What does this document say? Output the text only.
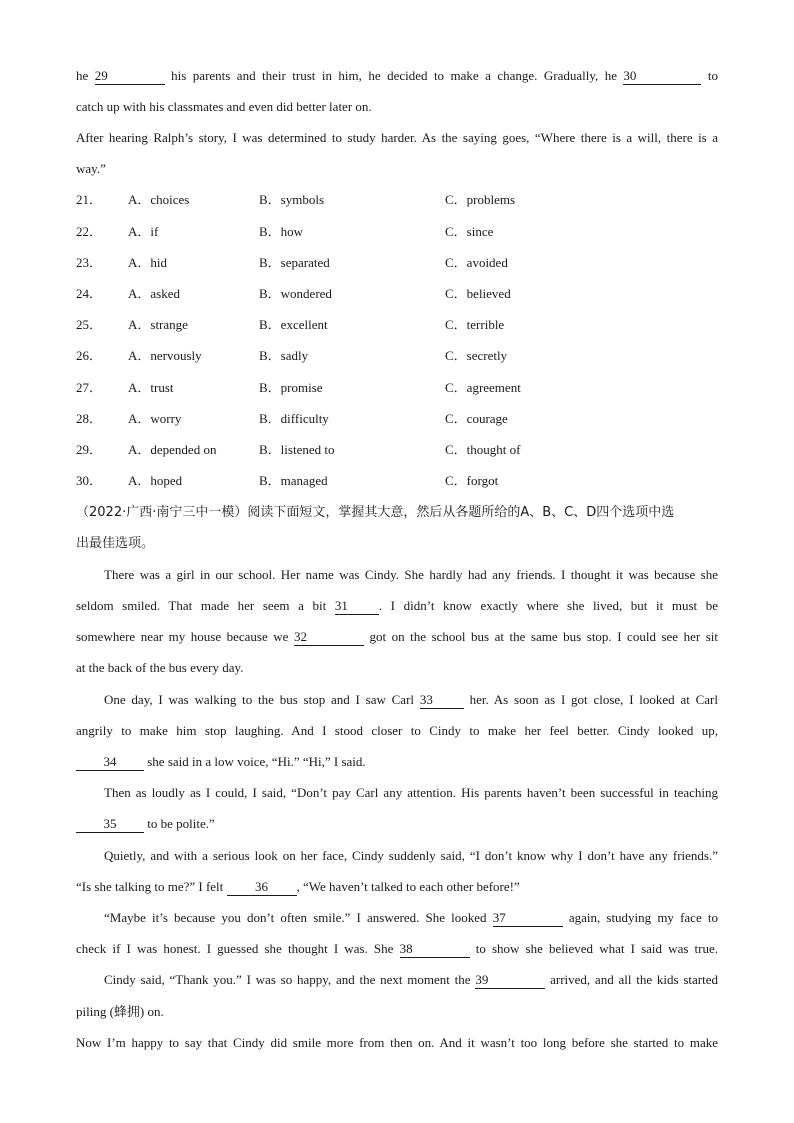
he 29	his parents and their trust in him, he decided to make a change. Gradually, he 30	to
catch up with his classmates and even did better later on.
After hearing Ralph’s story, I was determined to study harder. As the saying goes, “Where there is a will, there is a
way.”
21． A．choices	B．symbols	C．problems
22． A．if	B．how	C．since
23． A．hid	B．separated	C．avoided
24． A．asked	B．wondered	C．believed
25． A．strange	B．excellent	C．terrible
26． A．nervously	B．sadly	C．secretly
27． A．trust	B．promise	C．agreement
28． A．worry	B．difficulty	C．courage
29． A．depended on	B．listened to	C．thought of
30． A．hoped	B．managed	C．forgot
（2022·广西·南宁三中一模）阅读下面短文，掌握其大意，然后从各题所给的A、B、C、D四个选项中选
出最佳选项。
There was a girl in our school. Her name was Cindy. She hardly had any friends. I thought it was because she
seldom smiled. That made her seem a bit 31 . I didn’t know exactly where she lived, but it must be
somewhere near my house because we 32	got on the school bus at the same bus stop. I could see her sit
at the back of the bus every day.
One day, I was walking to the bus stop and I saw Carl 33 her. As soon as I got close, I looked at Carl
angrily to make him stop laughing. And I stood closer to Cindy to make her feel better. Cindy looked up,
34 she said in a low voice, “Hi.” “Hi,” I said.
Then as loudly as I could, I said, “Don’t pay Carl any attention. His parents haven’t been successful in teaching
35 to be polite.”
Quietly, and with a serious look on her face, Cindy suddenly said, “I don’t know why I don’t have any friends.”
“Is she talking to me?” I felt 36 , “We haven’t talked to each other before!”
“Maybe it’s because you don’t often smile.” I answered. She looked 37	again, studying my face to
check if I was honest. I guessed she thought I was. She 38	to show she believed what I said was true.
Cindy said, “Thank you.” I was so happy, and the next moment the 39	arrived, and all the kids started
piling (蜂拥) on.
Now I’m happy to say that Cindy did smile more from then on. And it wasn’t too long before she started to make
